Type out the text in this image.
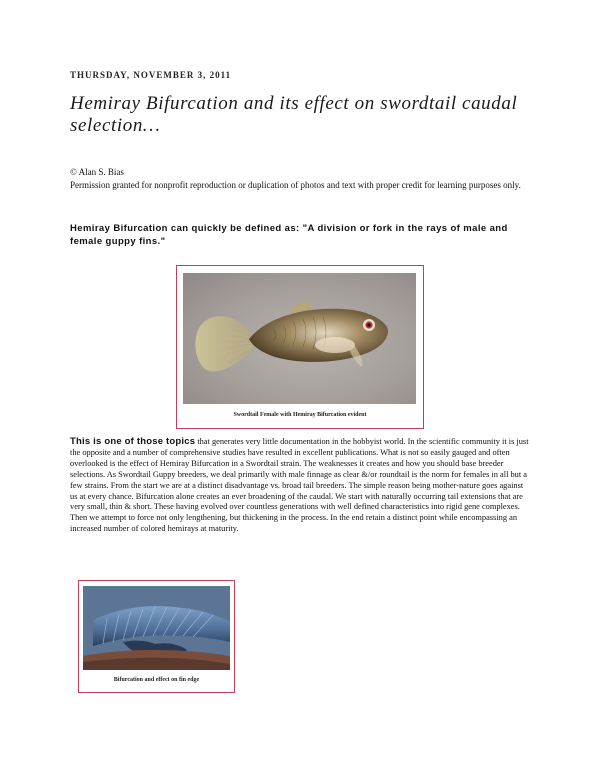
THURSDAY, NOVEMBER 3, 2011
Hemiray Bifurcation and its effect on swordtail caudal selection…
© Alan S. Bias
Permission granted for nonprofit reproduction or duplication of photos and text with proper credit for learning purposes only.
Hemiray Bifurcation can quickly be defined as: "A division or fork in the rays of male and female guppy fins."
Swordtail Female with Hemiray Bifurcation evident
This is one of those topics that generates very little documentation in the hobbyist world. In the scientific community it is just the opposite and a number of comprehensive studies have resulted in excellent publications. What is not so easily gauged and often overlooked is the effect of Hemiray Bifurcation in a Swordtail strain. The weaknesses it creates and how you should base breeder selections. As Swordtail Guppy breeders, we deal primarily with male finnage as clear &/or roundtail is the norm for females in all but a few strains. From the start we are at a distinct disadvantage vs. broad tail breeders. The simple reason being mother-nature goes against us at every chance. Bifurcation alone creates an ever broadening of the caudal. We start with naturally occurring tail extensions that are very small, thin & short. These having evolved over countless generations with well defined characteristics into rigid gene complexes. Then we attempt to force not only lengthening, but thickening in the process. In the end retain a distinct point while encompassing an increased number of colored hemirays at maturity.
Bifurcation and effect on fin edge
